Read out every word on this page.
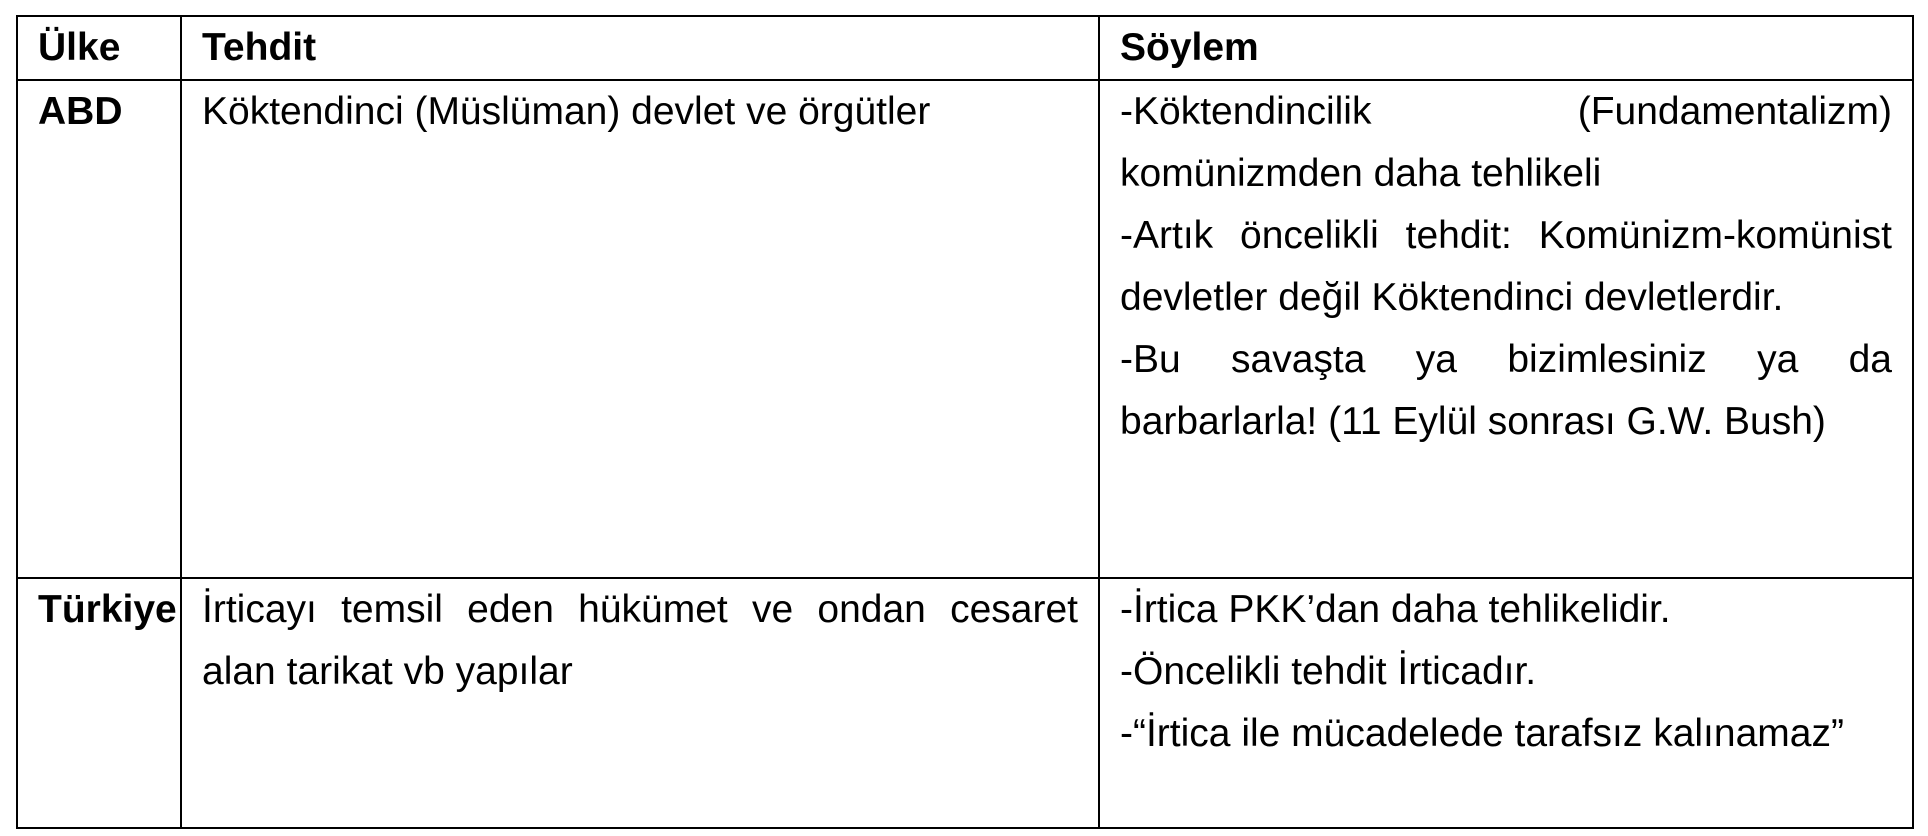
Ülke	Tehdit	Söylem
ABD	Köktendinci (Müslüman) devlet ve örgütler	-Köktendincilik (Fundamentalizm) komünizmden daha tehlikeli
-Artık öncelikli tehdit: Komünizm-komünist devletler değil Köktendinci devletlerdir.
-Bu savaşta ya bizimlesiniz ya da barbarlarla! (11 Eylül sonrası G.W. Bush)

Türkiye	İrticayı temsil eden hükümet ve ondan cesaret alan tarikat vb yapılar	-İrtica PKK’dan daha tehlikelidir.
-Öncelikli tehdit İrticadır.
-“İrtica ile mücadelede tarafsız kalınamaz”
